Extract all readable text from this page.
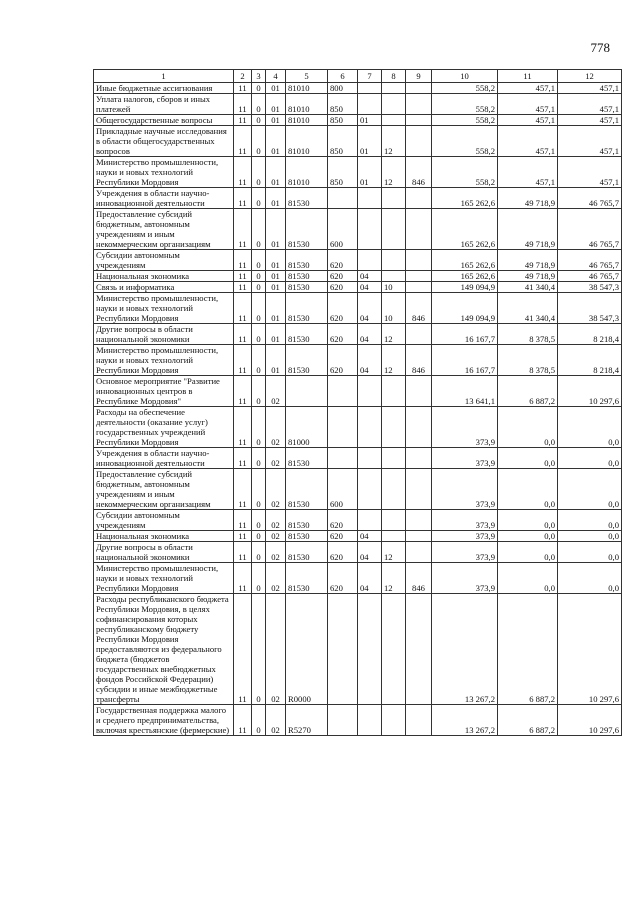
778
1	2	3	4	5	6	7	8	9	10	11	12
Иные бюджетные ассигнования	11	0	01	81010	800				558,2	457,1	457,1
Уплата налогов, сборов и иных платежей	11	0	01	81010	850				558,2	457,1	457,1
Общегосударственные вопросы	11	0	01	81010	850	01			558,2	457,1	457,1
Прикладные научные исследования в области общегосударственных вопросов	11	0	01	81010	850	01	12		558,2	457,1	457,1
Министерство промышленности, науки и новых технологий Республики Мордовия	11	0	01	81010	850	01	12	846	558,2	457,1	457,1
Учреждения в области научно-инновационной деятельности	11	0	01	81530					165 262,6	49 718,9	46 765,7
Предоставление субсидий бюджетным, автономным учреждениям и иным некоммерческим организациям	11	0	01	81530	600				165 262,6	49 718,9	46 765,7
Субсидии автономным учреждениям	11	0	01	81530	620				165 262,6	49 718,9	46 765,7
Национальная экономика	11	0	01	81530	620	04			165 262,6	49 718,9	46 765,7
Связь и информатика	11	0	01	81530	620	04	10		149 094,9	41 340,4	38 547,3
Министерство промышленности, науки и новых технологий Республики Мордовия	11	0	01	81530	620	04	10	846	149 094,9	41 340,4	38 547,3
Другие вопросы в области национальной экономики	11	0	01	81530	620	04	12		16 167,7	8 378,5	8 218,4
Министерство промышленности, науки и новых технологий Республики Мордовия	11	0	01	81530	620	04	12	846	16 167,7	8 378,5	8 218,4
Основное мероприятие "Развитие инновационных центров в Республике Мордовия"	11	0	02						13 641,1	6 887,2	10 297,6
Расходы на обеспечение деятельности (оказание услуг) государственных учреждений Республики Мордовия	11	0	02	81000					373,9	0,0	0,0
Учреждения в области научно-инновационной деятельности	11	0	02	81530					373,9	0,0	0,0
Предоставление субсидий бюджетным, автономным учреждениям и иным некоммерческим организациям	11	0	02	81530	600				373,9	0,0	0,0
Субсидии автономным учреждениям	11	0	02	81530	620				373,9	0,0	0,0
Национальная экономика	11	0	02	81530	620	04			373,9	0,0	0,0
Другие вопросы в области национальной экономики	11	0	02	81530	620	04	12		373,9	0,0	0,0
Министерство промышленности, науки и новых технологий Республики Мордовия	11	0	02	81530	620	04	12	846	373,9	0,0	0,0
Расходы республиканского бюджета Республики Мордовия, в целях софинансирования которых республиканскому бюджету Республики Мордовия предоставляются из федерального бюджета (бюджетов государственных внебюджетных фондов Российской Федерации) субсидии и иные межбюджетные трансферты	11	0	02	R0000					13 267,2	6 887,2	10 297,6
Государственная поддержка малого и среднего предпринимательства, включая крестьянские (фермерские)	11	0	02	R5270					13 267,2	6 887,2	10 297,6
